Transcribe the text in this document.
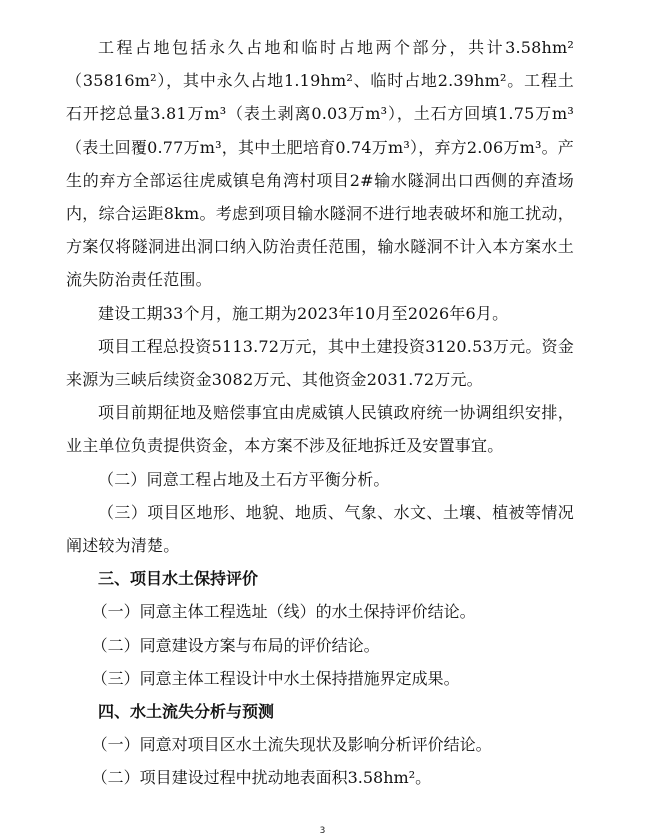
工程占地包括永久占地和临时占地两个部分，共计3.58hm²（35816m²），其中永久占地1.19hm²、临时占地2.39hm²。工程土石开挖总量3.81万m³（表土剥离0.03万m³），土石方回填1.75万m³（表土回覆0.77万m³，其中土肥培育0.74万m³），弃方2.06万m³。产生的弃方全部运往虎威镇皂角湾村项目2#输水隧洞出口西侧的弃渣场内，综合运距8km。考虑到项目输水隧洞不进行地表破坏和施工扰动，方案仅将隧洞进出洞口纳入防治责任范围，输水隧洞不计入本方案水土流失防治责任范围。

建设工期33个月，施工期为2023年10月至2026年6月。

项目工程总投资5113.72万元，其中土建投资3120.53万元。资金来源为三峡后续资金3082万元、其他资金2031.72万元。

项目前期征地及赔偿事宜由虎威镇人民镇政府统一协调组织安排，业主单位负责提供资金，本方案不涉及征地拆迁及安置事宜。

（二）同意工程占地及土石方平衡分析。

（三）项目区地形、地貌、地质、气象、水文、土壤、植被等情况阐述较为清楚。

三、项目水土保持评价

（一）同意主体工程选址（线）的水土保持评价结论。

（二）同意建设方案与布局的评价结论。

（三）同意主体工程设计中水土保持措施界定成果。

四、水土流失分析与预测

（一）同意对项目区水土流失现状及影响分析评价结论。

（二）项目建设过程中扰动地表面积3.58hm²。

3
